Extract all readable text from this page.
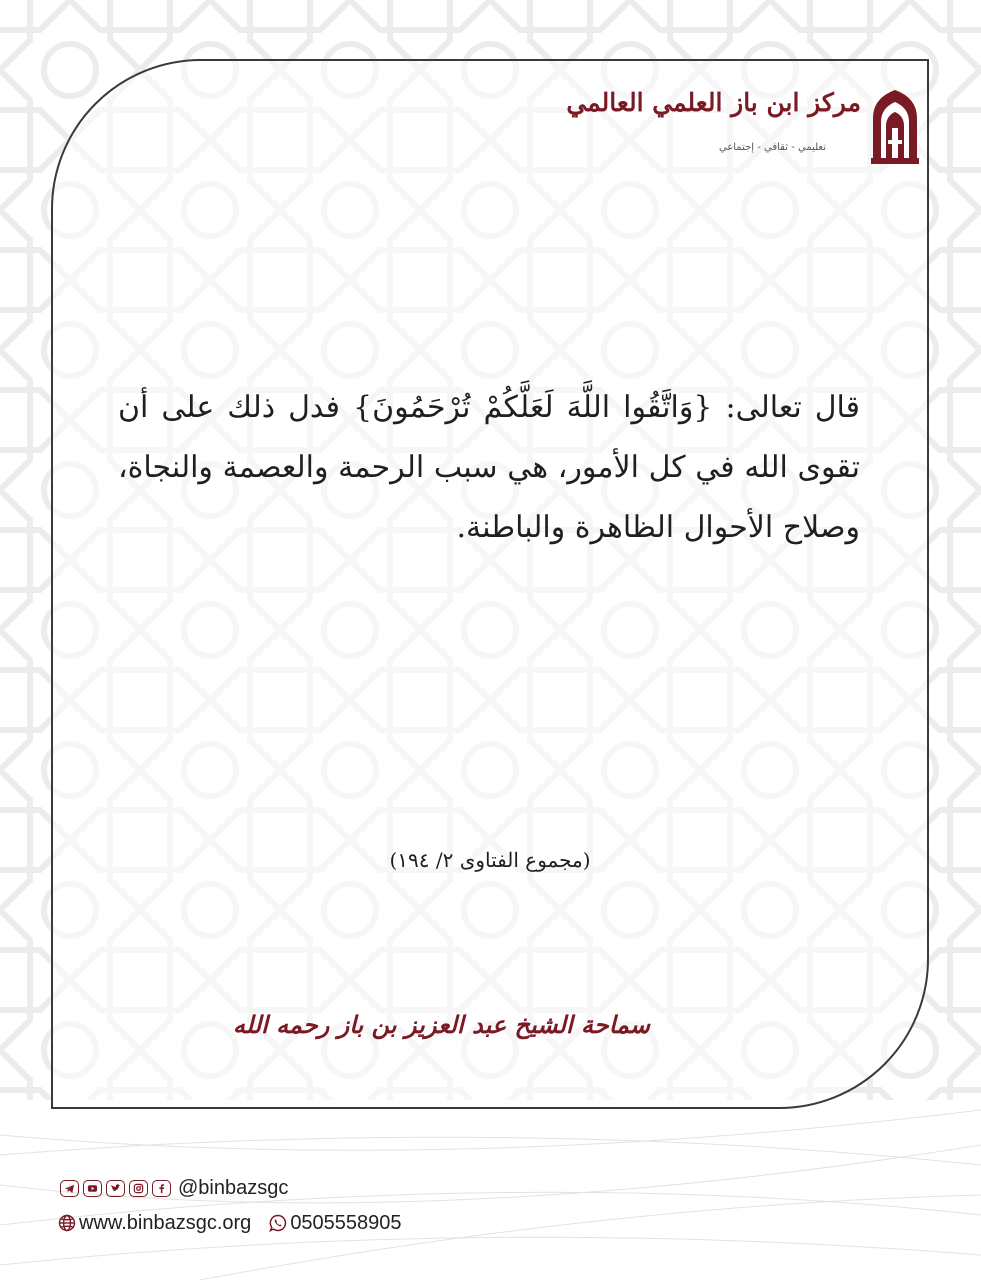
مركز ابن باز العلمي العالمي
تعليمي - ثقافي - إجتماعي
قال تعالى: {وَاتَّقُوا اللَّهَ لَعَلَّكُمْ تُرْحَمُونَ} فدل ذلك على أن تقوى الله في كل الأمور، هي سبب الرحمة والعصمة والنجاة، وصلاح الأحوال الظاهرة والباطنة.
(مجموع الفتاوى ٢/ ١٩٤)
سماحة الشيخ عبد العزيز بن باز رحمه الله
@binbazsgc
www.binbazsgc.org 0505558905
